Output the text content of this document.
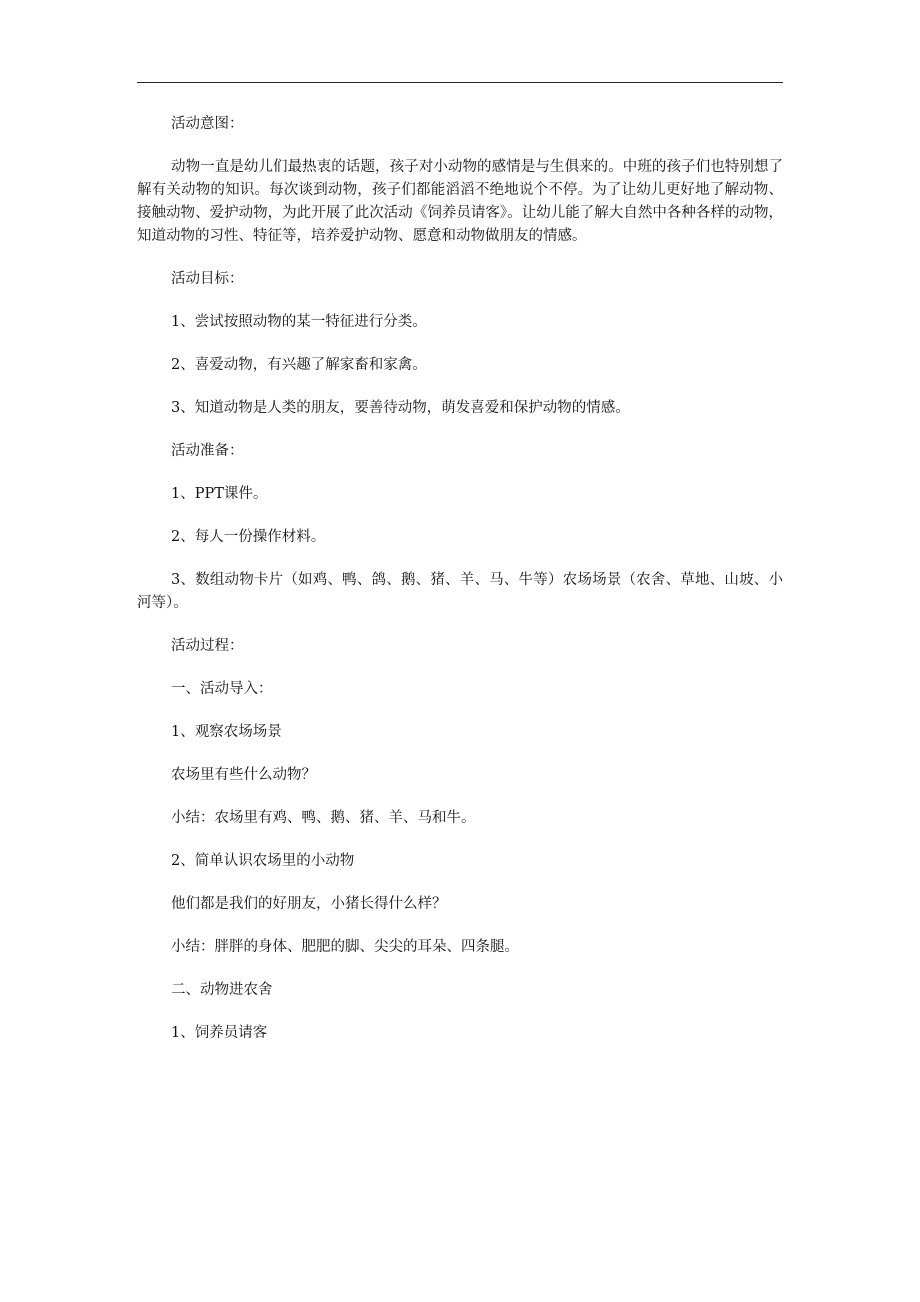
活动意图：

动物一直是幼儿们最热衷的话题，孩子对小动物的感情是与生俱来的。中班的孩子们也特别想了解有关动物的知识。每次谈到动物，孩子们都能滔滔不绝地说个不停。为了让幼儿更好地了解动物、接触动物、爱护动物，为此开展了此次活动《饲养员请客》。让幼儿能了解大自然中各种各样的动物，知道动物的习性、特征等，培养爱护动物、愿意和动物做朋友的情感。

活动目标：

1、尝试按照动物的某一特征进行分类。

2、喜爱动物，有兴趣了解家畜和家禽。

3、知道动物是人类的朋友，要善待动物，萌发喜爱和保护动物的情感。

活动准备：

1、PPT课件。

2、每人一份操作材料。

3、数组动物卡片（如鸡、鸭、鸽、鹅、猪、羊、马、牛等）农场场景（农舍、草地、山坡、小河等）。

活动过程：

一、活动导入：

1、观察农场场景

农场里有些什么动物？

小结：农场里有鸡、鸭、鹅、猪、羊、马和牛。

2、简单认识农场里的小动物

他们都是我们的好朋友，小猪长得什么样？

小结：胖胖的身体、肥肥的脚、尖尖的耳朵、四条腿。

二、动物进农舍

1、饲养员请客
